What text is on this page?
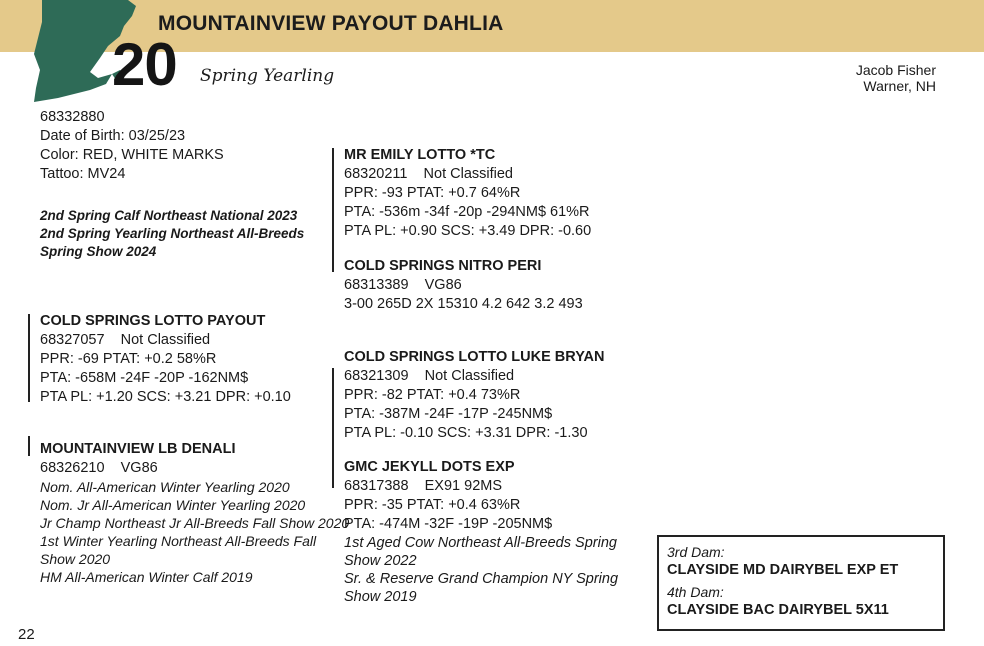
MOUNTAINVIEW PAYOUT DAHLIA
20 Spring Yearling	Jacob Fisher
Warner, NH
68332880
Date of Birth: 03/25/23
Color: RED, WHITE MARKS
Tattoo: MV24
2nd Spring Calf Northeast National 2023
2nd Spring Yearling Northeast All-Breeds
Spring Show 2024
COLD SPRINGS LOTTO PAYOUT
68327057    Not Classified
PPR: -69 PTAT: +0.2 58%R
PTA: -658M -24F -20P -162NM$
PTA PL: +1.20 SCS: +3.21 DPR: +0.10
MOUNTAINVIEW LB DENALI
68326210    VG86
Nom. All-American Winter Yearling 2020
Nom. Jr All-American Winter Yearling 2020
Jr Champ Northeast Jr All-Breeds Fall Show 2020
1st Winter Yearling Northeast All-Breeds Fall
Show 2020
HM All-American Winter Calf 2019
MR EMILY LOTTO *TC
68320211    Not Classified
PPR: -93 PTAT: +0.7 64%R
PTA: -536m -34f -20p -294NM$ 61%R
PTA PL: +0.90 SCS: +3.49 DPR: -0.60
COLD SPRINGS NITRO PERI
68313389    VG86
3-00 265D 2X 15310 4.2 642 3.2 493
COLD SPRINGS LOTTO LUKE BRYAN
68321309    Not Classified
PPR: -82 PTAT: +0.4 73%R
PTA: -387M -24F -17P -245NM$
PTA PL: -0.10 SCS: +3.31 DPR: -1.30
GMC JEKYLL DOTS EXP
68317388    EX91 92MS
PPR: -35 PTAT: +0.4 63%R
PTA: -474M -32F -19P -205NM$
1st Aged Cow Northeast All-Breeds Spring
Show 2022
Sr. & Reserve Grand Champion NY Spring
Show 2019
3rd Dam:
CLAYSIDE MD DAIRYBEL EXP ET
4th Dam:
CLAYSIDE BAC DAIRYBEL 5X11
22
